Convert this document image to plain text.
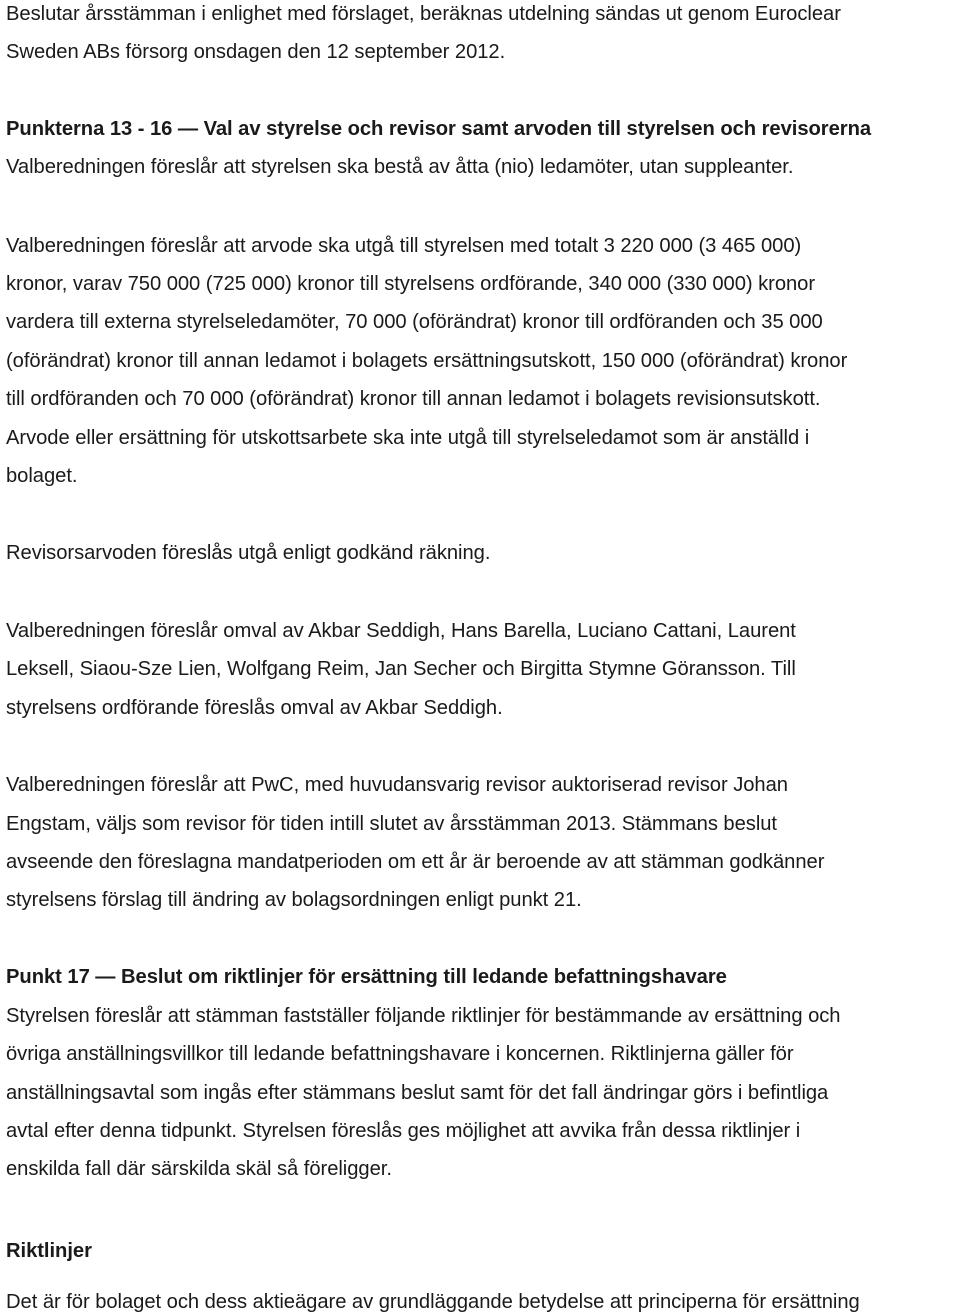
Beslutar årsstämman i enlighet med förslaget, beräknas utdelning sändas ut genom Euroclear
Sweden ABs försorg onsdagen den 12 september 2012.
Punkterna 13 - 16 — Val av styrelse och revisor samt arvoden till styrelsen och revisorerna
Valberedningen föreslår att styrelsen ska bestå av åtta (nio) ledamöter, utan suppleanter.
Valberedningen föreslår att arvode ska utgå till styrelsen med totalt 3 220 000 (3 465 000)
kronor, varav 750 000 (725 000) kronor till styrelsens ordförande, 340 000 (330 000) kronor
vardera till externa styrelseledamöter, 70 000 (oförändrat) kronor till ordföranden och 35 000
(oförändrat) kronor till annan ledamot i bolagets ersättningsutskott, 150 000 (oförändrat) kronor
till ordföranden och 70 000 (oförändrat) kronor till annan ledamot i bolagets revisionsutskott.
Arvode eller ersättning för utskottsarbete ska inte utgå till styrelseledamot som är anställd i
bolaget.
Revisorsarvoden föreslås utgå enligt godkänd räkning.
Valberedningen föreslår omval av Akbar Seddigh, Hans Barella, Luciano Cattani, Laurent
Leksell, Siaou-Sze Lien, Wolfgang Reim, Jan Secher och Birgitta Stymne Göransson. Till
styrelsens ordförande föreslås omval av Akbar Seddigh.
Valberedningen föreslår att PwC, med huvudansvarig revisor auktoriserad revisor Johan
Engstam, väljs som revisor för tiden intill slutet av årsstämman 2013. Stämmans beslut
avseende den föreslagna mandatperioden om ett år är beroende av att stämman godkänner
styrelsens förslag till ändring av bolagsordningen enligt punkt 21.
Punkt 17 — Beslut om riktlinjer för ersättning till ledande befattningshavare
Styrelsen föreslår att stämman fastställer följande riktlinjer för bestämmande av ersättning och
övriga anställningsvillkor till ledande befattningshavare i koncernen. Riktlinjerna gäller för
anställningsavtal som ingås efter stämmans beslut samt för det fall ändringar görs i befintliga
avtal efter denna tidpunkt. Styrelsen föreslås ges möjlighet att avvika från dessa riktlinjer i
enskilda fall där särskilda skäl så föreligger.
Riktlinjer
Det är för bolaget och dess aktieägare av grundläggande betydelse att principerna för ersättning
